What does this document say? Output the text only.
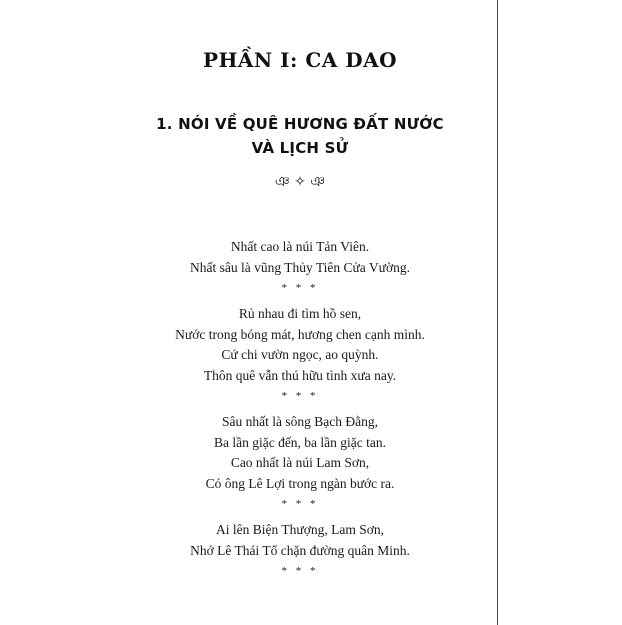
PHẦN I: CA DAO
1. NÓI VỀ QUÊ HƯƠNG ĐẤT NƯỚC
VÀ LỊCH SỬ
ঞ ✧ ঞ
Nhất cao là núi Tản Viên.
Nhất sâu là vũng Thủy Tiên Cửa Vường.
* * *
Rủ nhau đi tìm hồ sen,
Nước trong bóng mát, hương chen cạnh mình.
Cứ chi vườn ngọc, ao quỳnh.
Thôn quê vẫn thú hữu tình xưa nay.
* * *
Sâu nhất là sông Bạch Đằng,
Ba lần giặc đến, ba lần giặc tan.
Cao nhất là núi Lam Sơn,
Có ông Lê Lợi trong ngàn bước ra.
* * *
Ai lên Biện Thượng, Lam Sơn,
Nhớ Lê Thái Tổ chặn đường quân Minh.
* * *
